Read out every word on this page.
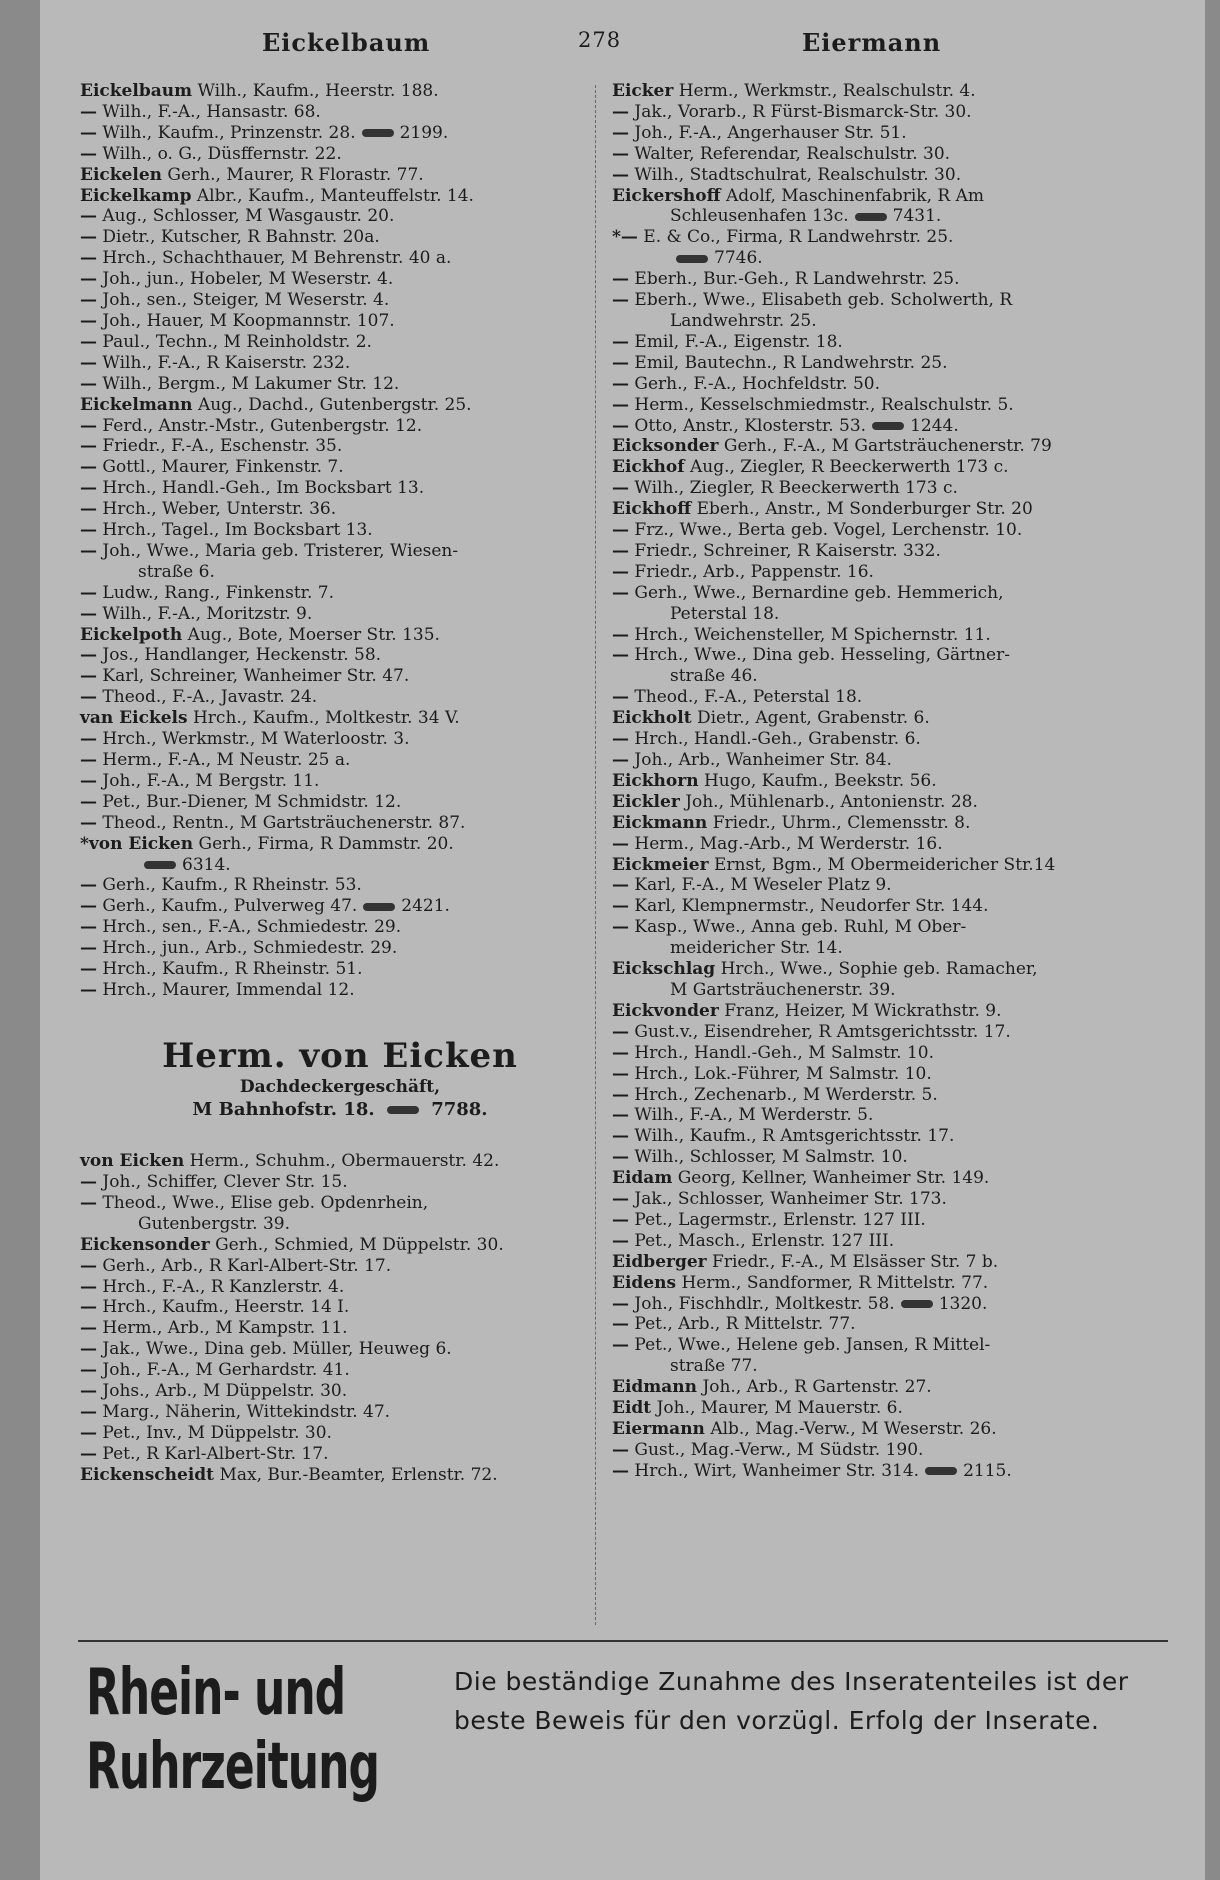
Eickelbaum	278	Eiermann
Eickelbaum Wilh., Kaufm., Heerstr. 188.
— Wilh., F.-A., Hansastr. 68.
— Wilh., Kaufm., Prinzenstr. 28.	2199.
— Wilh., o. G., Düsffernstr. 22.
Eickelen Gerh., Maurer, R Florastr. 77.
Eickelkamp Albr., Kaufm., Manteuffelstr. 14.
— Aug., Schlosser, M Wasgaustr. 20.
— Dietr., Kutscher, R Bahnstr. 20a.
— Hrch., Schachthauer, M Behrenstr. 40 a.
— Joh., jun., Hobeler, M Weserstr. 4.
— Joh., sen., Steiger, M Weserstr. 4.
— Joh., Hauer, M Koopmannstr. 107.
— Paul., Techn., M Reinholdstr. 2.
— Wilh., F.-A., R Kaiserstr. 232.
— Wilh., Bergm., M Lakumer Str. 12.
Eickelmann Aug., Dachd., Gutenbergstr. 25.
— Ferd., Anstr.-Mstr., Gutenbergstr. 12.
— Friedr., F.-A., Eschenstr. 35.
— Gottl., Maurer, Finkenstr. 7.
— Hrch., Handl.-Geh., Im Bocksbart 13.
— Hrch., Weber, Unterstr. 36.
— Hrch., Tagel., Im Bocksbart 13.
— Joh., Wwe., Maria geb. Tristerer, Wiesen-
straße 6.
— Ludw., Rang., Finkenstr. 7.
— Wilh., F.-A., Moritzstr. 9.
Eickelpoth Aug., Bote, Moerser Str. 135.
— Jos., Handlanger, Heckenstr. 58.
— Karl, Schreiner, Wanheimer Str. 47.
— Theod., F.-A., Javastr. 24.
van Eickels Hrch., Kaufm., Moltkestr. 34 V.
— Hrch., Werkmstr., M Waterloostr. 3.
— Herm., F.-A., M Neustr. 25 a.
— Joh., F.-A., M Bergstr. 11.
— Pet., Bur.-Diener, M Schmidstr. 12.
— Theod., Rentn., M Gartsträuchenerstr. 87.
*von Eicken Gerh., Firma, R Dammstr. 20.
6314.
— Gerh., Kaufm., R Rheinstr. 53.
— Gerh., Kaufm., Pulverweg 47.	2421.
— Hrch., sen., F.-A., Schmiedestr. 29.
— Hrch., jun., Arb., Schmiedestr. 29.
— Hrch., Kaufm., R Rheinstr. 51.
— Hrch., Maurer, Immendal 12.
Herm. von Eicken
Dachdeckergeschäft,
M Bahnhofstr. 18.	7788.
von Eicken Herm., Schuhm., Obermauerstr. 42.
— Joh., Schiffer, Clever Str. 15.
— Theod., Wwe., Elise geb. Opdenrhein,
Gutenbergstr. 39.
Eickensonder Gerh., Schmied, M Düppelstr. 30.
— Gerh., Arb., R Karl-Albert-Str. 17.
— Hrch., F.-A., R Kanzlerstr. 4.
— Hrch., Kaufm., Heerstr. 14 I.
— Herm., Arb., M Kampstr. 11.
— Jak., Wwe., Dina geb. Müller, Heuweg 6.
— Joh., F.-A., M Gerhardstr. 41.
— Johs., Arb., M Düppelstr. 30.
— Marg., Näherin, Wittekindstr. 47.
— Pet., Inv., M Düppelstr. 30.
— Pet., R Karl-Albert-Str. 17.
Eickenscheidt Max, Bur.-Beamter, Erlenstr. 72.
Eicker Herm., Werkmstr., Realschulstr. 4.
— Jak., Vorarb., R Fürst-Bismarck-Str. 30.
— Joh., F.-A., Angerhauser Str. 51.
— Walter, Referendar, Realschulstr. 30.
— Wilh., Stadtschulrat, Realschulstr. 30.
Eickershoff Adolf, Maschinenfabrik, R Am
Schleusenhafen 13c.	7431.
*— E. & Co., Firma, R Landwehrstr. 25.
7746.
— Eberh., Bur.-Geh., R Landwehrstr. 25.
— Eberh., Wwe., Elisabeth geb. Scholwerth, R
Landwehrstr. 25.
— Emil, F.-A., Eigenstr. 18.
— Emil, Bautechn., R Landwehrstr. 25.
— Gerh., F.-A., Hochfeldstr. 50.
— Herm., Kesselschmiedmstr., Realschulstr. 5.
— Otto, Anstr., Klosterstr. 53.	1244.
Eicksonder Gerh., F.-A., M Gartsträuchenerstr. 79
Eickhof Aug., Ziegler, R Beeckerwerth 173 c.
— Wilh., Ziegler, R Beeckerwerth 173 c.
Eickhoff Eberh., Anstr., M Sonderburger Str. 20
— Frz., Wwe., Berta geb. Vogel, Lerchenstr. 10.
— Friedr., Schreiner, R Kaiserstr. 332.
— Friedr., Arb., Pappenstr. 16.
— Gerh., Wwe., Bernardine geb. Hemmerich,
Peterstal 18.
— Hrch., Weichensteller, M Spichernstr. 11.
— Hrch., Wwe., Dina geb. Hesseling, Gärtner-
straße 46.
— Theod., F.-A., Peterstal 18.
Eickholt Dietr., Agent, Grabenstr. 6.
— Hrch., Handl.-Geh., Grabenstr. 6.
— Joh., Arb., Wanheimer Str. 84.
Eickhorn Hugo, Kaufm., Beekstr. 56.
Eickler Joh., Mühlenarb., Antonienstr. 28.
Eickmann Friedr., Uhrm., Clemensstr. 8.
— Herm., Mag.-Arb., M Werderstr. 16.
Eickmeier Ernst, Bgm., M Obermeidericher Str.14
— Karl, F.-A., M Weseler Platz 9.
— Karl, Klempnermstr., Neudorfer Str. 144.
— Kasp., Wwe., Anna geb. Ruhl, M Ober-
meidericher Str. 14.
Eickschlag Hrch., Wwe., Sophie geb. Ramacher,
M Gartsträuchenerstr. 39.
Eickvonder Franz, Heizer, M Wickrathstr. 9.
— Gust.v., Eisendreher, R Amtsgerichtsstr. 17.
— Hrch., Handl.-Geh., M Salmstr. 10.
— Hrch., Lok.-Führer, M Salmstr. 10.
— Hrch., Zechenarb., M Werderstr. 5.
— Wilh., F.-A., M Werderstr. 5.
— Wilh., Kaufm., R Amtsgerichtsstr. 17.
— Wilh., Schlosser, M Salmstr. 10.
Eidam Georg, Kellner, Wanheimer Str. 149.
— Jak., Schlosser, Wanheimer Str. 173.
— Pet., Lagermstr., Erlenstr. 127 III.
— Pet., Masch., Erlenstr. 127 III.
Eidberger Friedr., F.-A., M Elsässer Str. 7 b.
Eidens Herm., Sandformer, R Mittelstr. 77.
— Joh., Fischhdlr., Moltkestr. 58.	1320.
— Pet., Arb., R Mittelstr. 77.
— Pet., Wwe., Helene geb. Jansen, R Mittel-
straße 77.
Eidmann Joh., Arb., R Gartenstr. 27.
Eidt Joh., Maurer, M Mauerstr. 6.
Eiermann Alb., Mag.-Verw., M Weserstr. 26.
— Gust., Mag.-Verw., M Südstr. 190.
— Hrch., Wirt, Wanheimer Str. 314.	2115.
Rhein- und Ruhrzeitung
Die beständige Zunahme des Inseratenteiles ist der
beste Beweis für den vorzügl. Erfolg der Inserate.
